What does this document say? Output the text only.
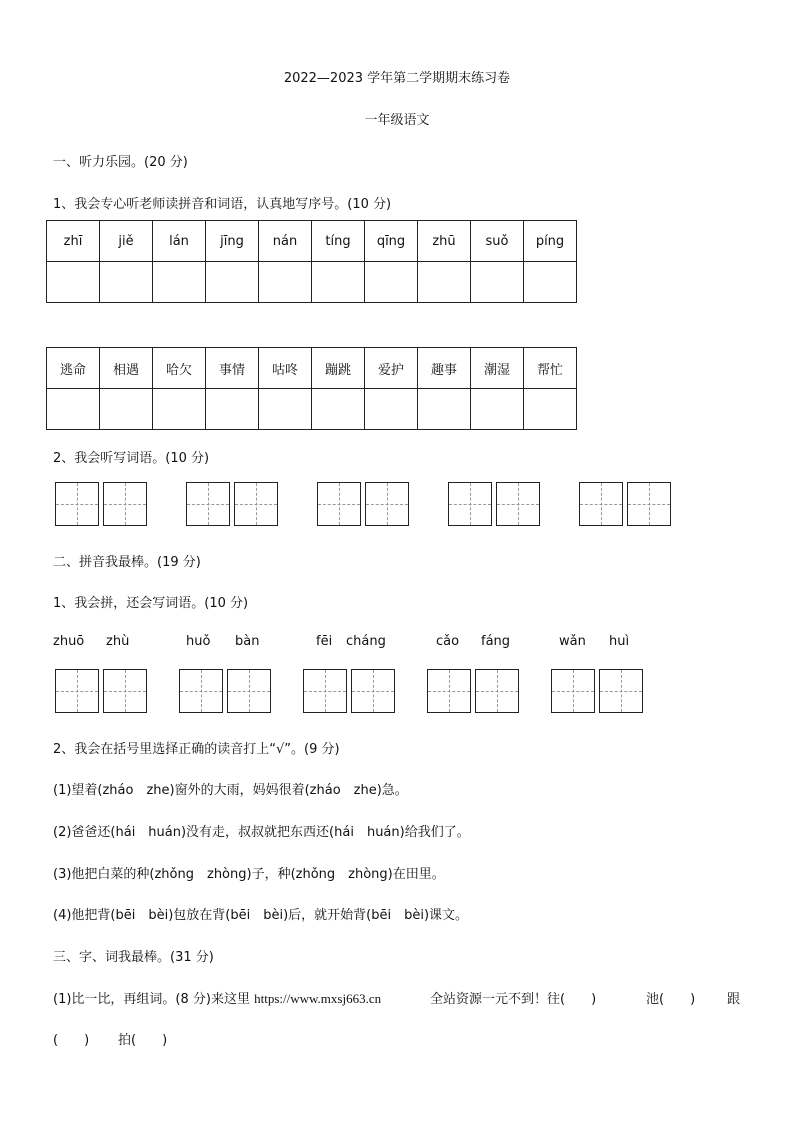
2022—2023 学年第二学期期末练习卷
一年级语文
一、听力乐园。(20 分)
1、我会专心听老师读拼音和词语，认真地写序号。(10 分)
zhī	jiě	lán	jīng	nán	tíng	qīng	zhū	suǒ	píng

逃命	相遇	哈欠	事情	咕咚	蹦跳	爱护	趣事	潮湿	帮忙

2、我会听写词语。(10 分)
二、拼音我最棒。(19 分)
1、我会拼，还会写词语。(10 分)
zhuō zhù	huǒ bàn	fēi cháng	cǎo fáng	wǎn huì
2、我会在括号里选择正确的读音打上“√”。(9 分)
(1)望着(zháo　zhe)窗外的大雨，妈妈很着(zháo　zhe)急。
(2)爸爸还(hái　huán)没有走，叔叔就把东西还(hái　huán)给我们了。
(3)他把白菜的种(zhǒng　zhòng)子，种(zhǒng　zhòng)在田里。
(4)他把背(bēi　bèi)包放在背(bēi　bèi)后，就开始背(bēi　bèi)课文。
三、字、词我最棒。(31 分)
(1)比一比，再组词。(8 分)来这里 https://www.mxsj663.cn	全站资源一元不到！往(　　)	池(　　) 跟
(　　) 拍(　　)
